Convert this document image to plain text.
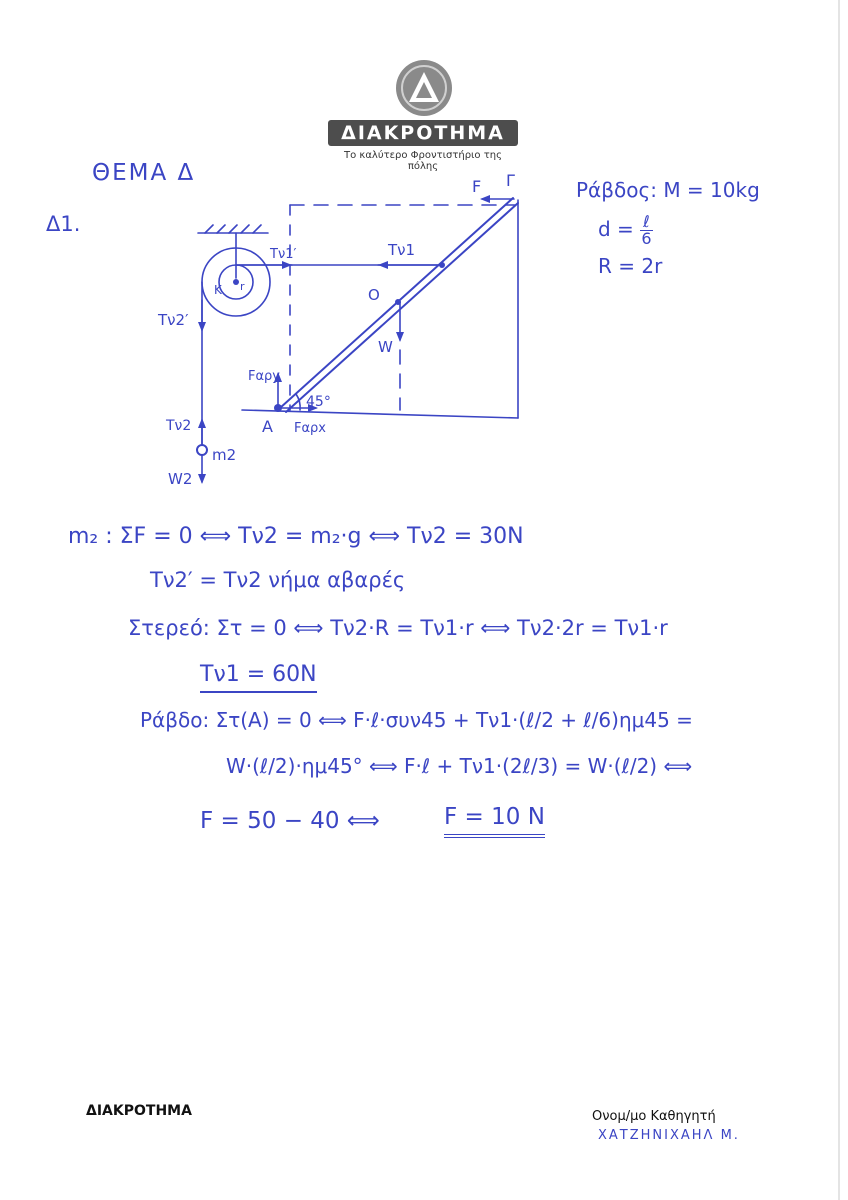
ΔΙΑΚΡΟΤΗΜΑ
Το καλύτερο Φροντιστήριο της πόλης
ΘΕΜΑ Δ
Δ1.
Ράβδος: M = 10kg
d = ℓ
6
R = 2r
F Γ
Tν1
Tν1′
Tν2′
Tν2
O
W
Fαρy
Fαρx
A
K r
45°
m2
W2
m₂ : ΣF = 0 ⟺ Tν2 = m₂·g ⟺ Tν2 = 30N
Tν2′ = Tν2 νήμα αβαρές
Στερεό: Στ = 0 ⟺ Tν2·R = Tν1·r ⟺ Tν2·2r = Tν1·r
Tν1 = 60N
Ράβδο: Στ(A) = 0 ⟺ F·ℓ·συν45 + Tν1·(ℓ/2 + ℓ/6)ημ45 =
W·(ℓ/2)·ημ45° ⟺ F·ℓ + Tν1·(2ℓ/3) = W·(ℓ/2) ⟺
F = 50 − 40 ⟺	F = 10 N
ΔΙΑΚΡΟΤΗΜΑ	Ονομ/μο Καθηγητή
ΧΑΤΖΗΝΙΧΑΗΛ Μ.
